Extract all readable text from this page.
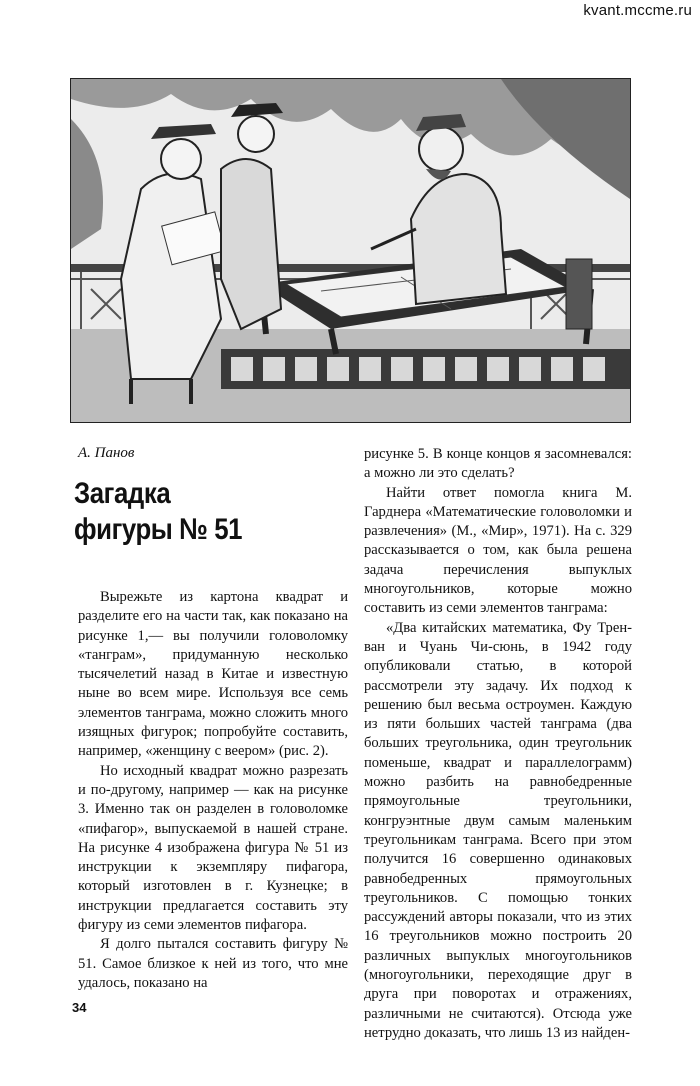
kvant.mccme.ru
А. Панов
Загадка
фигуры № 51

Вырежьте из картона квадрат и разделите его на части так, как показано на рисунке 1,— вы получили головоломку «танграм», придуманную несколько тысячелетий назад в Китае и известную ныне во всем мире. Используя все семь элементов танграма, можно сложить много изящных фигурок; попробуйте составить, например, «женщину с веером» (рис. 2).

Но исходный квадрат можно разрезать и по-другому, например — как на рисунке 3. Именно так он разделен в головоломке «пифагор», выпускаемой в нашей стране. На рисунке 4 изображена фигура № 51 из инструкции к экземпляру пифагора, который изготовлен в г. Кузнецке; в инструкции предлагается составить эту фигуру из семи элементов пифагора.

Я долго пытался составить фигуру № 51. Самое близкое к ней из того, что мне удалось, показано на

рисунке 5. В конце концов я засомневался: а можно ли это сделать?

Найти ответ помогла книга М. Гарднера «Математические головоломки и развлечения» (М., «Мир», 1971). На с. 329 рассказывается о том, как была решена задача перечисления выпуклых многоугольников, которые можно составить из семи элементов танграма:

«Два китайских математика, Фу Трен-ван и Чуань Чи-сюнь, в 1942 году опубликовали статью, в которой рассмотрели эту задачу. Их подход к решению был весьма остроумен. Каждую из пяти больших частей танграма (два больших треугольника, один треугольник поменьше, квадрат и параллелограмм) можно разбить на равнобедренные прямоугольные треугольники, конгруэнтные двум самым маленьким треугольникам танграма. Всего при этом получится 16 совершенно одинаковых равнобедренных прямоугольных треугольников. С помощью тонких рассуждений авторы показали, что из этих 16 треугольников можно построить 20 различных выпуклых многоугольников (многоугольники, переходящие друг в друга при поворотах и отражениях, различными не считаются). Отсюда уже нетрудно доказать, что лишь 13 из найден-

34
